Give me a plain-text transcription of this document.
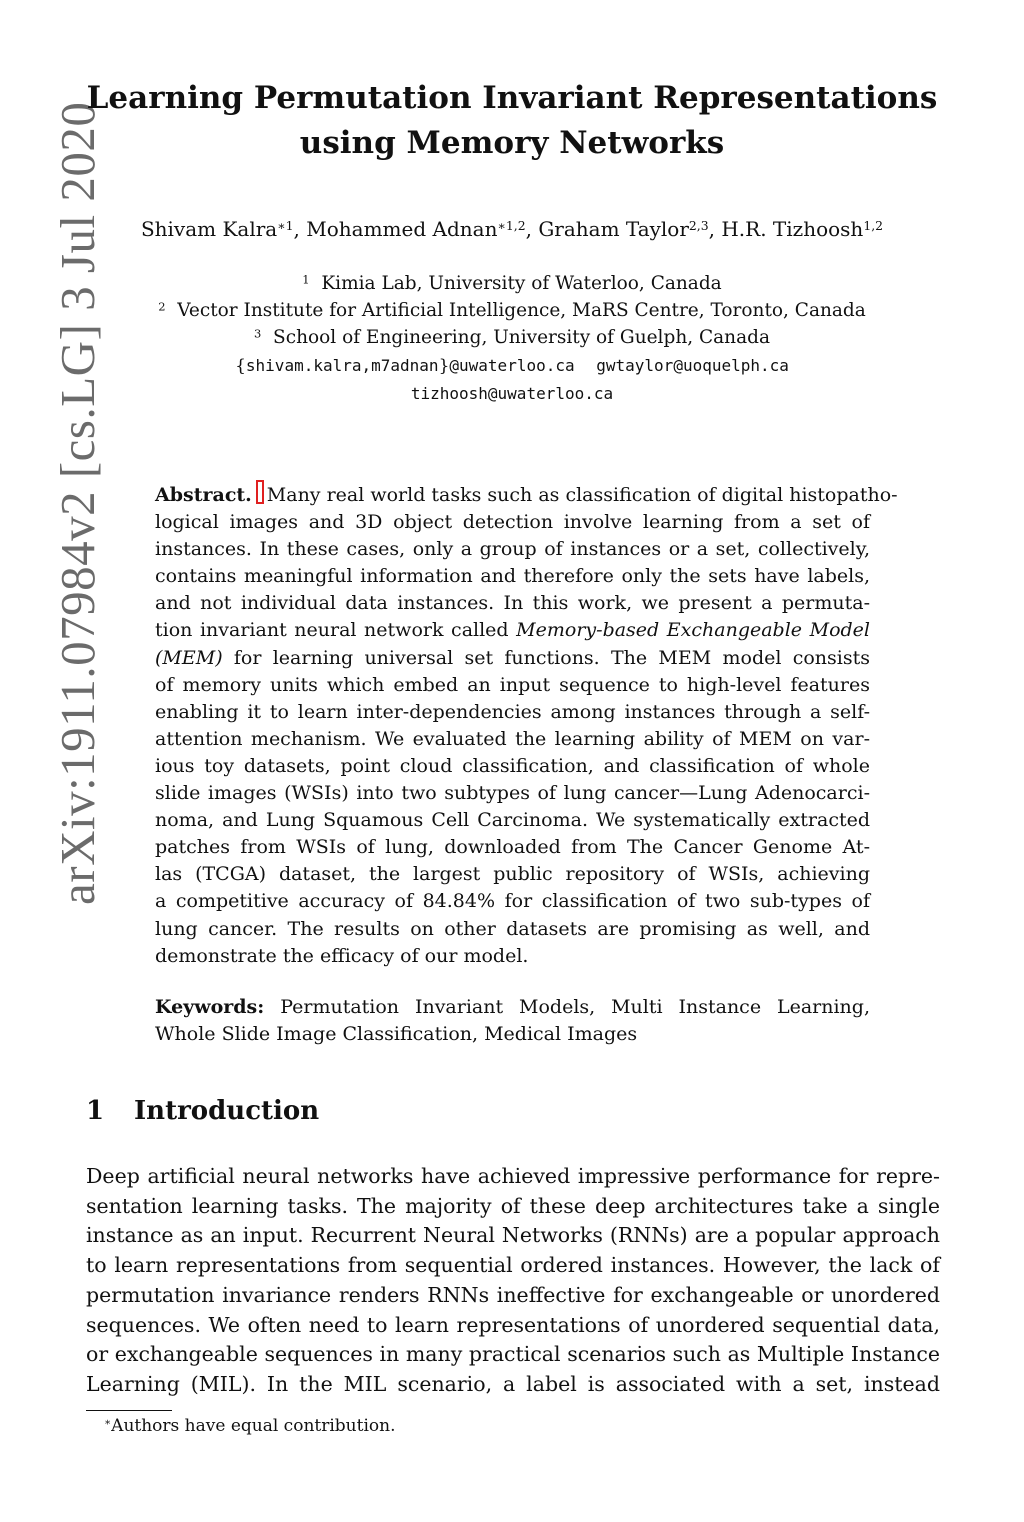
arXiv:1911.07984v2 [cs.LG] 3 Jul 2020
Learning Permutation Invariant Representations
using Memory Networks
Shivam Kalra$^{∗1}$, Mohammed Adnan$^{∗1,2}$, Graham Taylor$^{2,3}$, H.R. Tizhoosh$^{1,2}$
$^1$ Kimia Lab, University of Waterloo, Canada
$^2$ Vector Institute for Artificial Intelligence, MaRS Centre, Toronto, Canada
$^3$ School of Engineering, University of Guelph, Canada
{shivam.kalra,m7adnan}@uwaterloo.ca gwtaylor@uoquelph.ca
tizhoosh@uwaterloo.ca
Abstract. Many real world tasks such as classification of digital histopatho-
logical images and 3D object detection involve learning from a set of
instances. In these cases, only a group of instances or a set, collectively,
contains meaningful information and therefore only the sets have labels,
and not individual data instances. In this work, we present a permuta-
tion invariant neural network called Memory-based Exchangeable Model
(MEM) for learning universal set functions. The MEM model consists
of memory units which embed an input sequence to high-level features
enabling it to learn inter-dependencies among instances through a self-
attention mechanism. We evaluated the learning ability of MEM on var-
ious toy datasets, point cloud classification, and classification of whole
slide images (WSIs) into two subtypes of lung cancer—Lung Adenocarci-
noma, and Lung Squamous Cell Carcinoma. We systematically extracted
patches from WSIs of lung, downloaded from The Cancer Genome At-
las (TCGA) dataset, the largest public repository of WSIs, achieving
a competitive accuracy of 84.84% for classification of two sub-types of
lung cancer. The results on other datasets are promising as well, and
demonstrate the efficacy of our model.
Keywords: Permutation Invariant Models, Multi Instance Learning,
Whole Slide Image Classification, Medical Images
1 Introduction
Deep artificial neural networks have achieved impressive performance for repre-
sentation learning tasks. The majority of these deep architectures take a single
instance as an input. Recurrent Neural Networks (RNNs) are a popular approach
to learn representations from sequential ordered instances. However, the lack of
permutation invariance renders RNNs ineffective for exchangeable or unordered
sequences. We often need to learn representations of unordered sequential data,
or exchangeable sequences in many practical scenarios such as Multiple Instance
Learning (MIL). In the MIL scenario, a label is associated with a set, instead
∗Authors have equal contribution.
